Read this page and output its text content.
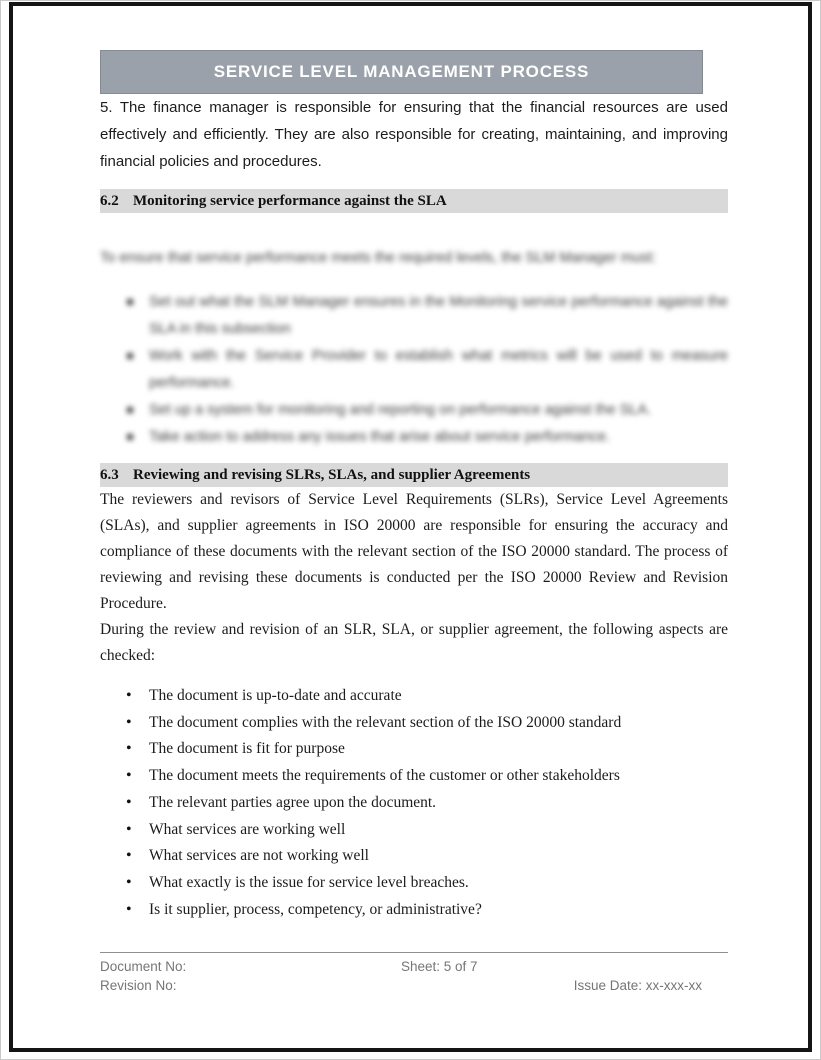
SERVICE LEVEL MANAGEMENT PROCESS

5. The finance manager is responsible for ensuring that the financial resources are used effectively and efficiently. They are also responsible for creating, maintaining, and improving financial policies and procedures.

6.2 Monitoring service performance against the SLA

To ensure that service performance meets the required levels, the SLM Manager must:

Set out what the SLM Manager ensures in the Monitoring service performance against the SLA in this subsection
Work with the Service Provider to establish what metrics will be used to measure performance.
Set up a system for monitoring and reporting on performance against the SLA.
Take action to address any issues that arise about service performance.
6.3 Reviewing and revising SLRs, SLAs, and supplier Agreements

The reviewers and revisors of Service Level Requirements (SLRs), Service Level Agreements (SLAs), and supplier agreements in ISO 20000 are responsible for ensuring the accuracy and compliance of these documents with the relevant section of the ISO 20000 standard. The process of reviewing and revising these documents is conducted per the ISO 20000 Review and Revision Procedure.

During the review and revision of an SLR, SLA, or supplier agreement, the following aspects are checked:

• The document is up-to-date and accurate
• The document complies with the relevant section of the ISO 20000 standard
• The document is fit for purpose
• The document meets the requirements of the customer or other stakeholders
• The relevant parties agree upon the document.
• What services are working well
• What services are not working well
• What exactly is the issue for service level breaches.
• Is it supplier, process, competency, or administrative?
Document No:	Sheet: 5 of 7
Revision No:	Issue Date: xx-xxx-xx
